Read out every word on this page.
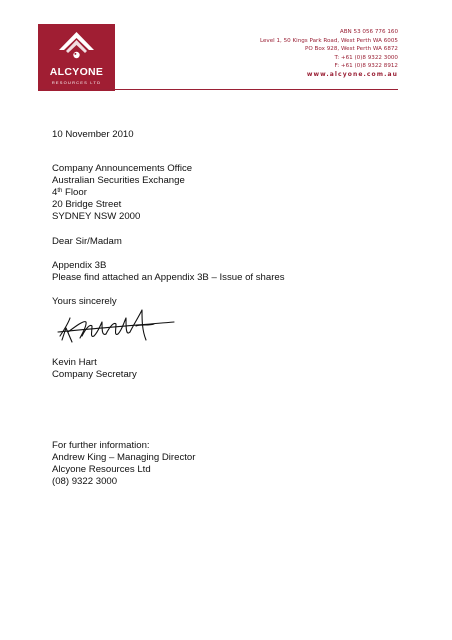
ALCYONE
RESOURCES LTD
ABN 53 056 776 160
Level 1, 50 Kings Park Road, West Perth WA 6005
PO Box 928, West Perth WA 6872
T: +61 (0)8 9322 3000
F: +61 (0)8 9322 8912
www.alcyone.com.au
10 November 2010
Company Announcements Office
Australian Securities Exchange
4th Floor
20 Bridge Street
SYDNEY NSW 2000
Dear Sir/Madam
Appendix 3B
Please find attached an Appendix 3B – Issue of shares
Yours sincerely
Kevin Hart
Company Secretary
For further information:
Andrew King – Managing Director
Alcyone Resources Ltd
(08) 9322 3000
